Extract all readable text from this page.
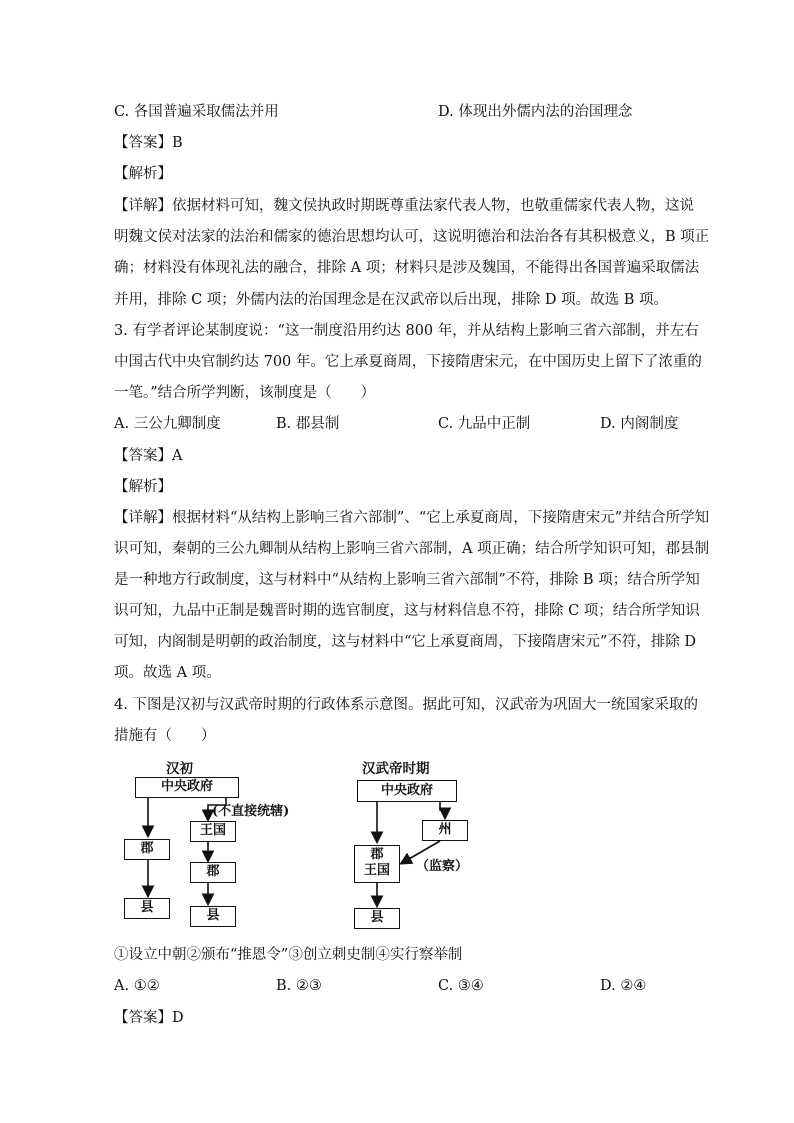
C. 各国普遍采取儒法并用	D. 体现出外儒内法的治国理念
【答案】B
【解析】
【详解】依据材料可知，魏文侯执政时期既尊重法家代表人物，也敬重儒家代表人物，这说
明魏文侯对法家的法治和儒家的德治思想均认可，这说明德治和法治各有其积极意义，B 项正
确；材料没有体现礼法的融合，排除 A 项；材料只是涉及魏国，不能得出各国普遍采取儒法
并用，排除 C 项；外儒内法的治国理念是在汉武帝以后出现，排除 D 项。故选 B 项。
3. 有学者评论某制度说：“这一制度沿用约达 800 年，并从结构上影响三省六部制，并左右
中国古代中央官制约达 700 年。它上承夏商周，下接隋唐宋元，在中国历史上留下了浓重的
一笔。”结合所学判断，该制度是（　　）
A. 三公九卿制度	B. 郡县制	C. 九品中正制	D. 内阁制度
【答案】A
【解析】
【详解】根据材料“从结构上影响三省六部制”、“它上承夏商周，下接隋唐宋元”并结合所学知
识可知，秦朝的三公九卿制从结构上影响三省六部制，A 项正确；结合所学知识可知，郡县制
是一种地方行政制度，这与材料中“从结构上影响三省六部制”不符，排除 B 项；结合所学知
识可知，九品中正制是魏晋时期的选官制度，这与材料信息不符，排除 C 项；结合所学知识
可知，内阁制是明朝的政治制度，这与材料中“它上承夏商周，下接隋唐宋元”不符，排除 D
项。故选 A 项。
4. 下图是汉初与汉武帝时期的行政体系示意图。据此可知，汉武帝为巩固大一统国家采取的
措施有（　　）
汉初
中央政府
(不直接统辖)
王国
郡
郡
县
县
汉武帝时期
中央政府
州
郡
王国	（监察）
县
①设立中朝②颁布“推恩令”③创立刺史制④实行察举制
A. ①②	B. ②③	C. ③④	D. ②④
【答案】D
